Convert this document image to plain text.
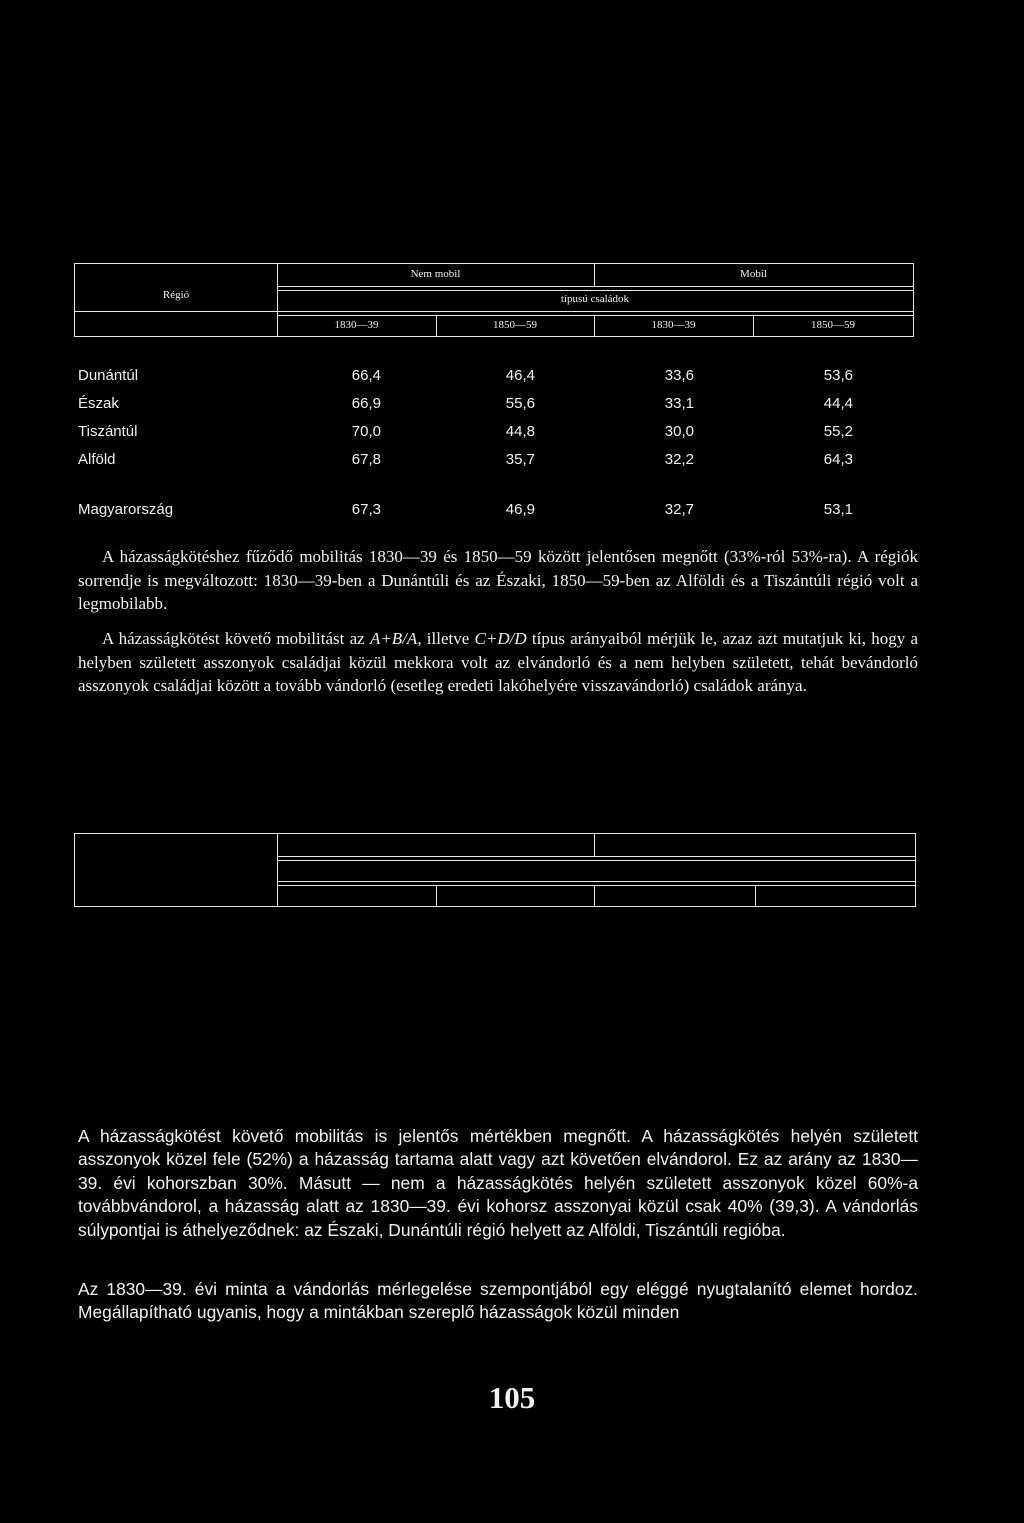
Régió
Nem mobil	Mobil
típusú családok
1830—39	1850—59	1830—39	1850—59
Dunántúl	66,4	46,4	33,6	53,6
Észak	66,9	55,6	33,1	44,4
Tiszántúl	70,0	44,8	30,0	55,2
Alföld	67,8	35,7	32,2	64,3
Magyarország	67,3	46,9	32,7	53,1

A házasságkötéshez fűződő mobilitás 1830—39 és 1850—59 között jelentősen megnőtt (33%-ról 53%-ra). A régiók sorrendje is megváltozott: 1830—39-ben a Dunántúli és az Északi, 1850—59-ben az Alföldi és a Tiszántúli régió volt a legmobilabb.

A házasságkötést követő mobilitást az A+B/A, illetve C+D/D típus arányaiból mérjük le, azaz azt mutatjuk ki, hogy a helyben született asszonyok családjai közül mekkora volt az elvándorló és a nem helyben született, tehát bevándorló asszonyok családjai között a tovább vándorló (esetleg eredeti lakóhelyére visszavándorló) családok aránya.

A házasságkötést követő mobilitás is jelentős mértékben megnőtt. A házasságkötés helyén született asszonyok közel fele (52%) a házasság tartama alatt vagy azt követően elvándorol. Ez az arány az 1830—39. évi kohorszban 30%. Másutt — nem a házasságkötés helyén született asszonyok közel 60%-a továbbvándorol, a házasság alatt az 1830—39. évi kohorsz asszonyai közül csak 40% (39,3). A vándorlás súlypontjai is áthelyeződnek: az Északi, Dunántúli régió helyett az Alföldi, Tiszántúli regióba.

Az 1830—39. évi minta a vándorlás mérlegelése szempontjából egy eléggé nyugtalanító elemet hordoz. Megállapítható ugyanis, hogy a mintákban szereplő házasságok közül minden

105
